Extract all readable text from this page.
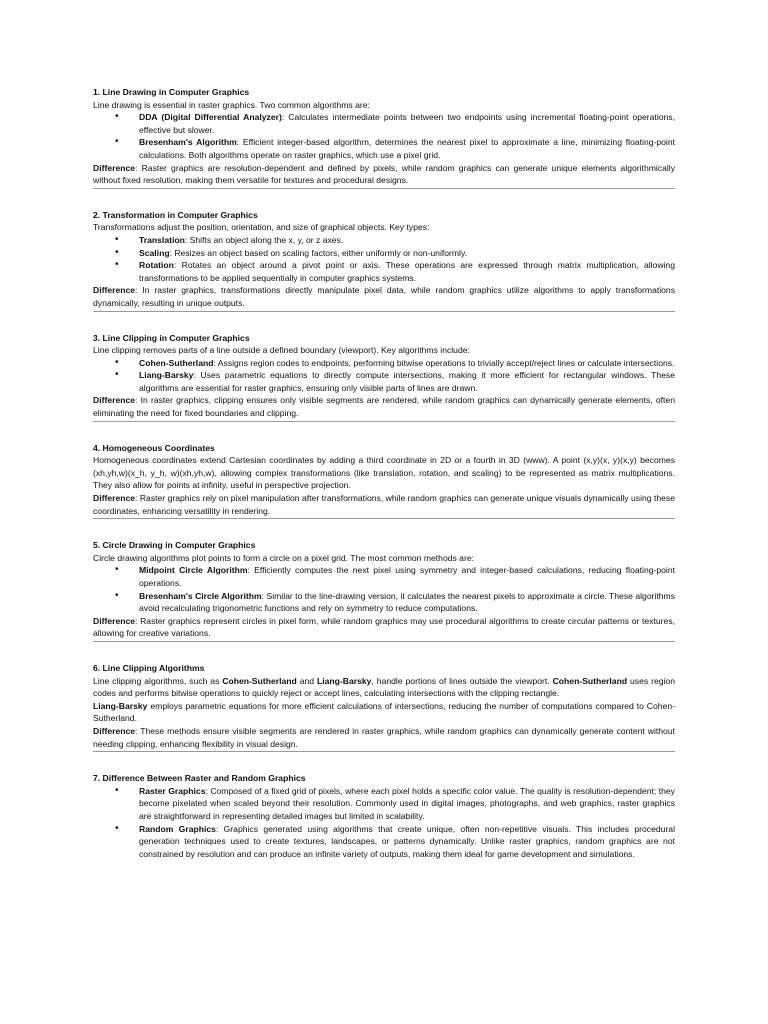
1. Line Drawing in Computer Graphics

Line drawing is essential in raster graphics. Two common algorithms are:

• DDA (Digital Differential Analyzer): Calculates intermediate points between two endpoints using incremental floating-point operations, effective but slower.
• Bresenham's Algorithm: Efficient integer-based algorithm, determines the nearest pixel to approximate a line, minimizing floating-point calculations. Both algorithms operate on raster graphics, which use a pixel grid.

Difference: Raster graphics are resolution-dependent and defined by pixels, while random graphics can generate unique elements algorithmically without fixed resolution, making them versatile for textures and procedural designs.

2. Transformation in Computer Graphics

Transformations adjust the position, orientation, and size of graphical objects. Key types:

• Translation: Shifts an object along the x, y, or z axes.
• Scaling: Resizes an object based on scaling factors, either uniformly or non-uniformly.
• Rotation: Rotates an object around a pivot point or axis. These operations are expressed through matrix multiplication, allowing transformations to be applied sequentially in computer graphics systems.

Difference: In raster graphics, transformations directly manipulate pixel data, while random graphics utilize algorithms to apply transformations dynamically, resulting in unique outputs.

3. Line Clipping in Computer Graphics

Line clipping removes parts of a line outside a defined boundary (viewport). Key algorithms include:

• Cohen-Sutherland: Assigns region codes to endpoints, performing bitwise operations to trivially accept/reject lines or calculate intersections.
• Liang-Barsky: Uses parametric equations to directly compute intersections, making it more efficient for rectangular windows. These algorithms are essential for raster graphics, ensuring only visible parts of lines are drawn.

Difference: In raster graphics, clipping ensures only visible segments are rendered, while random graphics can dynamically generate elements, often eliminating the need for fixed boundaries and clipping.

4. Homogeneous Coordinates

Homogeneous coordinates extend Cartesian coordinates by adding a third coordinate in 2D or a fourth in 3D (www). A point (x,y)(x, y)(x,y) becomes (xh,yh,w)(x_h, y_h, w)(xh,yh,w), allowing complex transformations (like translation, rotation, and scaling) to be represented as matrix multiplications. They also allow for points at infinity, useful in perspective projection.

Difference: Raster graphics rely on pixel manipulation after transformations, while random graphics can generate unique visuals dynamically using these coordinates, enhancing versatility in rendering.

5. Circle Drawing in Computer Graphics

Circle drawing algorithms plot points to form a circle on a pixel grid. The most common methods are:

• Midpoint Circle Algorithm: Efficiently computes the next pixel using symmetry and integer-based calculations, reducing floating-point operations.
• Bresenham's Circle Algorithm: Similar to the line-drawing version, it calculates the nearest pixels to approximate a circle. These algorithms avoid recalculating trigonometric functions and rely on symmetry to reduce computations.

Difference: Raster graphics represent circles in pixel form, while random graphics may use procedural algorithms to create circular patterns or textures, allowing for creative variations.

6. Line Clipping Algorithms

Line clipping algorithms, such as Cohen-Sutherland and Liang-Barsky, handle portions of lines outside the viewport. Cohen-Sutherland uses region codes and performs bitwise operations to quickly reject or accept lines, calculating intersections with the clipping rectangle.
Liang-Barsky employs parametric equations for more efficient calculations of intersections, reducing the number of computations compared to Cohen-Sutherland.

Difference: These methods ensure visible segments are rendered in raster graphics, while random graphics can dynamically generate content without needing clipping, enhancing flexibility in visual design.

7. Difference Between Raster and Random Graphics

• Raster Graphics: Composed of a fixed grid of pixels, where each pixel holds a specific color value. The quality is resolution-dependent; they become pixelated when scaled beyond their resolution. Commonly used in digital images, photographs, and web graphics, raster graphics are straightforward in representing detailed images but limited in scalability.
• Random Graphics: Graphics generated using algorithms that create unique, often non-repetitive visuals. This includes procedural generation techniques used to create textures, landscapes, or patterns dynamically. Unlike raster graphics, random graphics are not constrained by resolution and can produce an infinite variety of outputs, making them ideal for game development and simulations.
